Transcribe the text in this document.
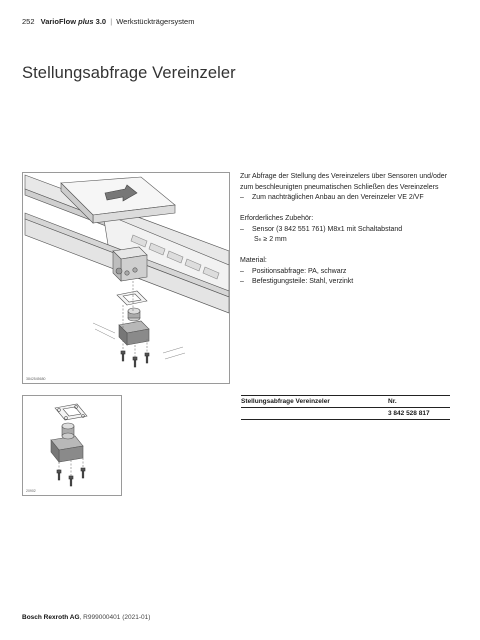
252 VarioFlow plus 3.0 | Werkstückträgersystem
Stellungsabfrage Vereinzeler
3842545680
20902

Zur Abfrage der Stellung des Vereinzelers über Sensoren und/oder zum beschleunigten pneumatischen Schließen des Vereinzelers

– Zum nachträglichen Anbau an den Vereinzeler VE 2/VF

Erforderliches Zubehör:

– Sensor (3 842 551 761) M8x1 mit Schaltabstand

Sₙ ≥ 2 mm

Material:

– Positionsabfrage: PA, schwarz

– Befestigungsteile: Stahl, verzinkt

Stellungsabfrage Vereinzeler	Nr.
3 842 528 817
Bosch Rexroth AG, R999000401 (2021-01)
